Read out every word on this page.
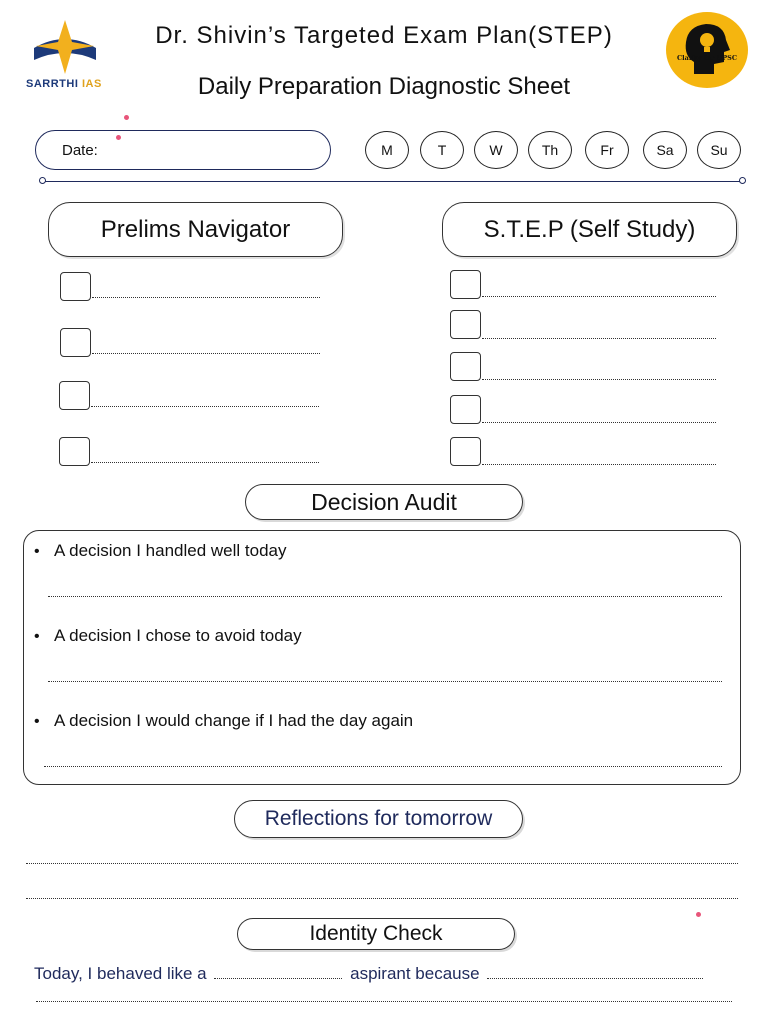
SARRTHI IAS
Dr. Shivin’s Targeted Exam Plan(STEP)
Daily Preparation Diagnostic Sheet
Clarity for UPSC
Date:	M	T	W	Th	Fr	Sa	Su
Prelims Navigator	S.T.E.P (Self Study)
Decision Audit
• A decision I handled well today
• A decision I chose to avoid today
• A decision I would change if I had the day again
Reflections for tomorrow
Identity Check
Today, I behaved like a	aspirant because
